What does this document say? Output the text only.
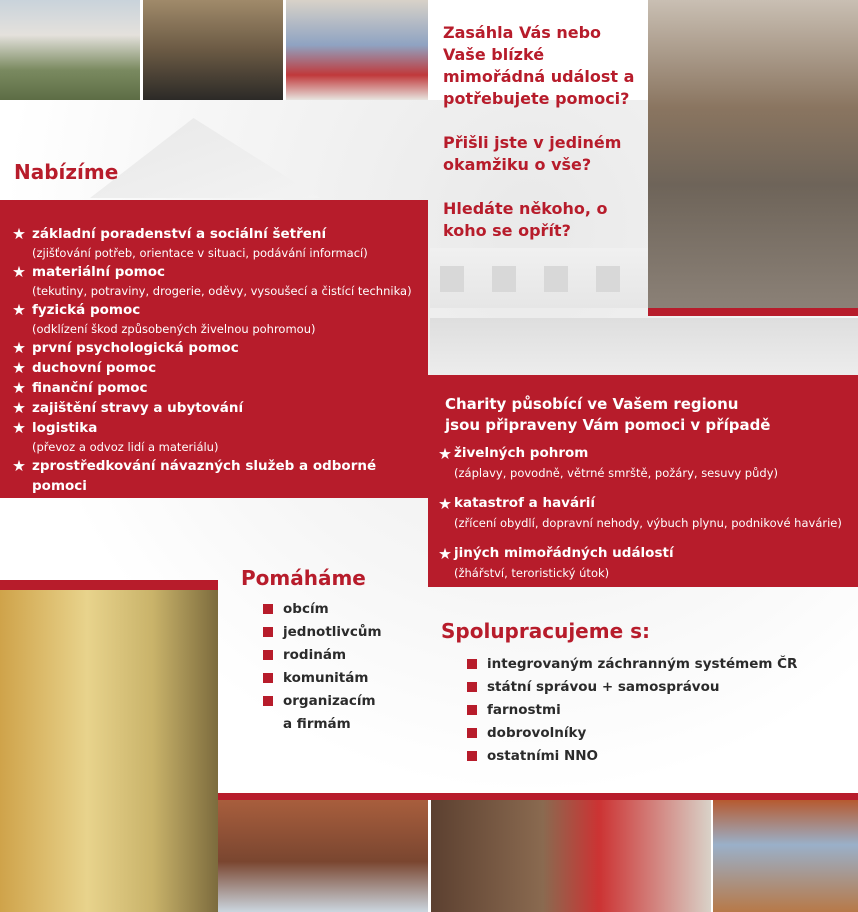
Zasáhla Vás nebo Vaše blízké mimořádná událost a potřebujete pomoci?

Přišli jste v jediném okamžiku o vše?

Hledáte někoho, o koho se opřít?

Nabízíme
základní poradenství a sociální šetření
(zjišťování potřeb, orientace v situaci, podávání informací)
materiální pomoc
(tekutiny, potraviny, drogerie, oděvy, vysoušecí a čistící technika)
fyzická pomoc
(odklízení škod způsobených živelnou pohromou)
první psychologická pomoc
duchovní pomoc
finanční pomoc
zajištění stravy a ubytování
logistika
(převoz a odvoz lidí a materiálu)
zprostředkování návazných služeb a odborné pomoci
Charity působící ve Vašem regionu
jsou připraveny Vám pomoci v případě
živelných pohrom
(záplavy, povodně, větrné smrště, požáry, sesuvy půdy)
katastrof a havárií
(zřícení obydlí, dopravní nehody, výbuch plynu, podnikové havárie)
jiných mimořádných událostí
(žhářství, teroristický útok)
Pomáháme
obcím
jednotlivcům
rodinám
komunitám
organizacím
a firmám
Spolupracujeme s:
integrovaným záchranným systémem ČR
státní správou + samosprávou
farnostmi
dobrovolníky
ostatními NNO
